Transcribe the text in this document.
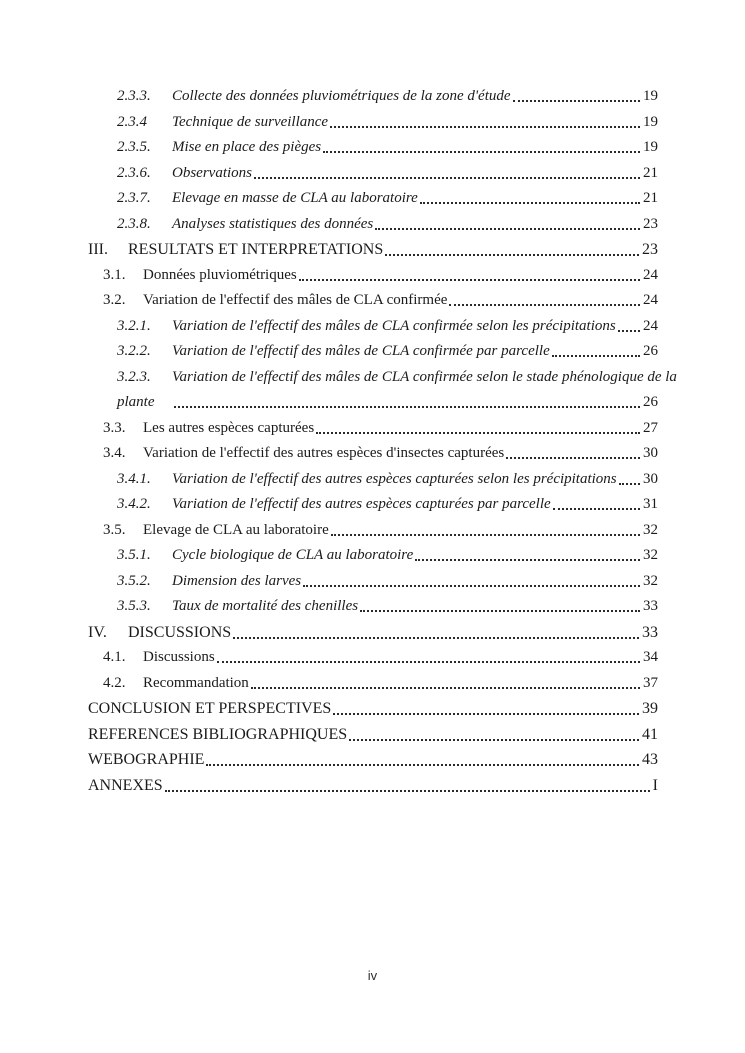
2.3.3.	Collecte des données pluviométriques de la zone d'étude	19
2.3.4	Technique de surveillance	19
2.3.5.	Mise en place des pièges	19
2.3.6.	Observations	21
2.3.7.	Elevage en masse de CLA au laboratoire	21
2.3.8.	Analyses statistiques des données	23
III.	RESULTATS ET INTERPRETATIONS	23
3.1.	Données pluviométriques	24
3.2.	Variation de l'effectif des mâles de CLA confirmée	24
3.2.1.	Variation de l'effectif des mâles de CLA confirmée selon les précipitations 24
3.2.2.	Variation de l'effectif des mâles de CLA confirmée par parcelle	26
3.2.3.	Variation de l'effectif des mâles de CLA confirmée selon le stade phénologique de la
plante	26
3.3.	Les autres espèces capturées	27
3.4.	Variation de l'effectif des autres espèces d'insectes capturées	30
3.4.1.	Variation de l'effectif des autres espèces capturées selon les précipitations 30
3.4.2.	Variation de l'effectif des autres espèces capturées par parcelle	31
3.5.	Elevage de CLA au laboratoire	32
3.5.1.	Cycle biologique de CLA au laboratoire	32
3.5.2.	Dimension des larves	32
3.5.3.	Taux de mortalité des chenilles	33
IV.	DISCUSSIONS	33
4.1.	Discussions	34
4.2.	Recommandation	37
CONCLUSION ET PERSPECTIVES	39
REFERENCES BIBLIOGRAPHIQUES	41
WEBOGRAPHIE	43
ANNEXES	I
iv
